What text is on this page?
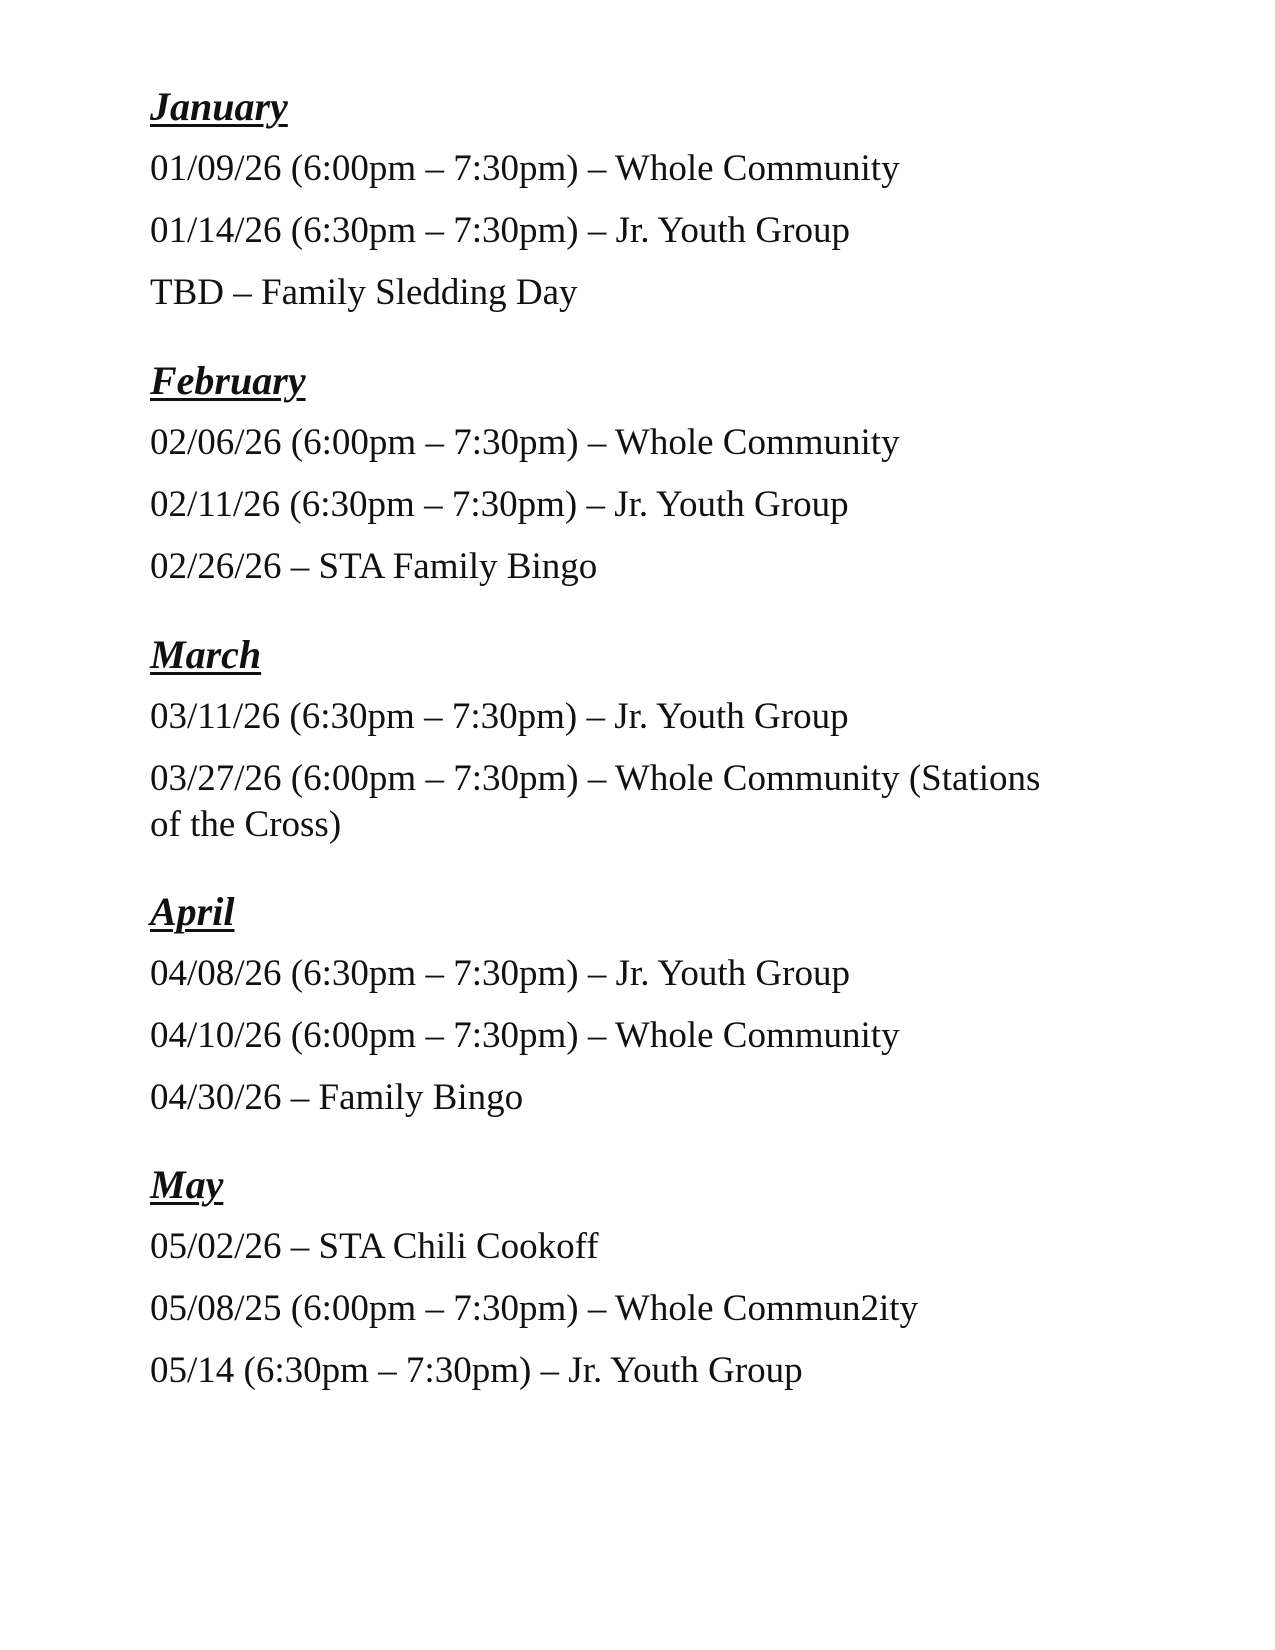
January
01/09/26 (6:00pm – 7:30pm) – Whole Community
01/14/26 (6:30pm – 7:30pm) – Jr. Youth Group
TBD – Family Sledding Day
February
02/06/26 (6:00pm – 7:30pm) – Whole Community
02/11/26 (6:30pm – 7:30pm) – Jr. Youth Group
02/26/26 – STA Family Bingo
March
03/11/26 (6:30pm – 7:30pm) – Jr. Youth Group
03/27/26 (6:00pm – 7:30pm) – Whole Community (Stations of the Cross)
April
04/08/26 (6:30pm – 7:30pm) – Jr. Youth Group
04/10/26 (6:00pm – 7:30pm) – Whole Community
04/30/26 – Family Bingo
May
05/02/26 – STA Chili Cookoff
05/08/25 (6:00pm – 7:30pm) – Whole Commun2ity
05/14 (6:30pm – 7:30pm) – Jr. Youth Group
